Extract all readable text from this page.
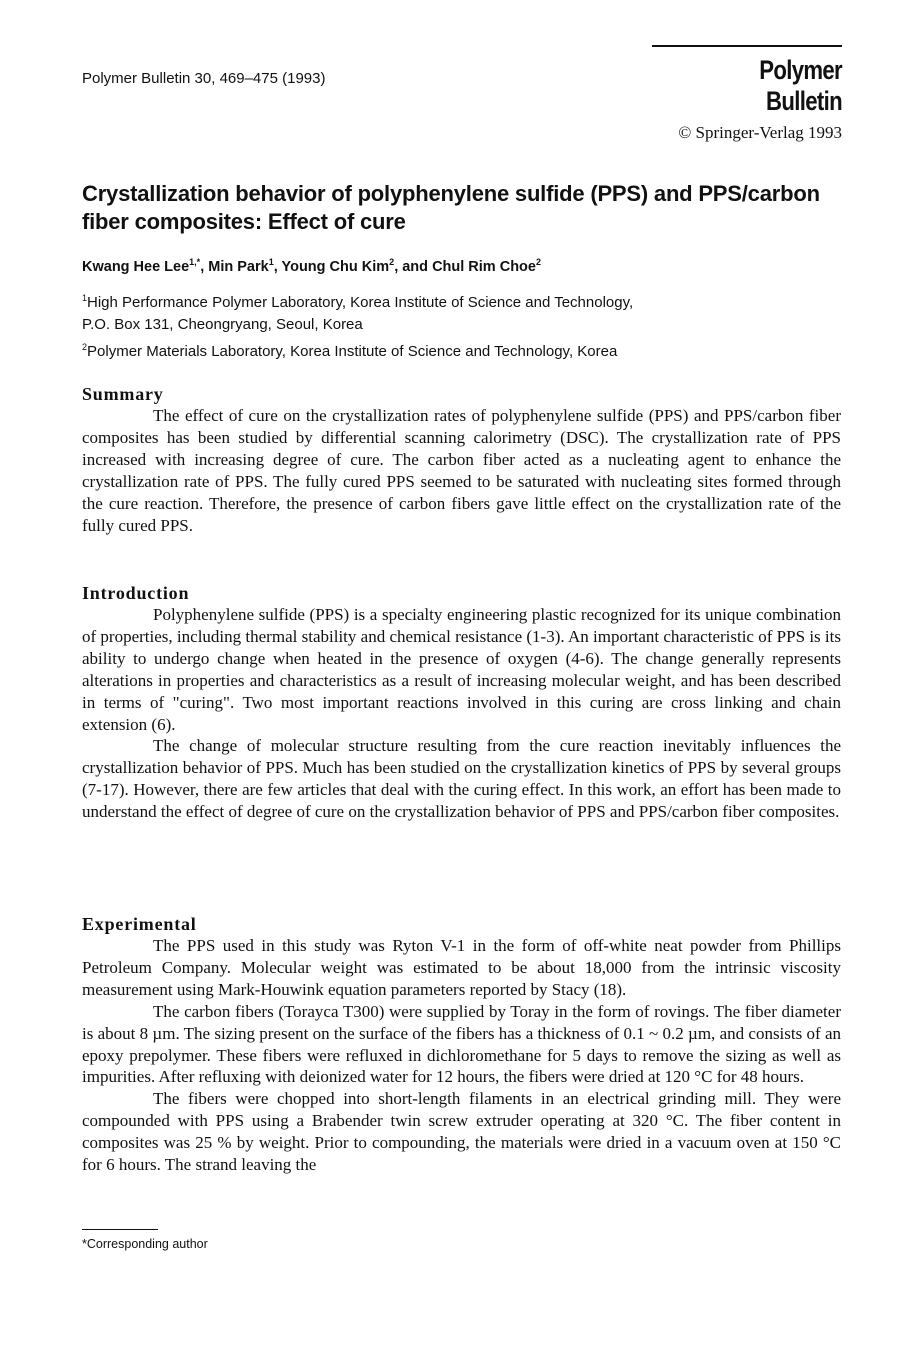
Polymer Bulletin 30, 469–475 (1993)	Polymer Bulletin
© Springer-Verlag 1993
Crystallization behavior of polyphenylene sulfide (PPS) and PPS/carbon fiber composites: Effect of cure
Kwang Hee Lee$^{1,*}$, Min Park$^1$, Young Chu Kim$^2$, and Chul Rim Choe$^2$
$^1$High Performance Polymer Laboratory, Korea Institute of Science and Technology,
P.O. Box 131, Cheongryang, Seoul, Korea
$^2$Polymer Materials Laboratory, Korea Institute of Science and Technology, Korea
Summary

The effect of cure on the crystallization rates of polyphenylene sulfide (PPS) and PPS/carbon fiber composites has been studied by differential scanning calorimetry (DSC). The crystallization rate of PPS increased with increasing degree of cure. The carbon fiber acted as a nucleating agent to enhance the crystallization rate of PPS. The fully cured PPS seemed to be saturated with nucleating sites formed through the cure reaction. Therefore, the presence of carbon fibers gave little effect on the crystallization rate of the fully cured PPS.

Introduction

Polyphenylene sulfide (PPS) is a specialty engineering plastic recognized for its unique combination of properties, including thermal stability and chemical resistance (1-3). An important characteristic of PPS is its ability to undergo change when heated in the presence of oxygen (4-6). The change generally represents alterations in properties and characteristics as a result of increasing molecular weight, and has been described in terms of "curing". Two most important reactions involved in this curing are cross linking and chain extension (6).

The change of molecular structure resulting from the cure reaction inevitably influences the crystallization behavior of PPS. Much has been studied on the crystallization kinetics of PPS by several groups (7-17). However, there are few articles that deal with the curing effect. In this work, an effort has been made to understand the effect of degree of cure on the crystallization behavior of PPS and PPS/carbon fiber composites.

Experimental

The PPS used in this study was Ryton V-1 in the form of off-white neat powder from Phillips Petroleum Company. Molecular weight was estimated to be about 18,000 from the intrinsic viscosity measurement using Mark-Houwink equation parameters reported by Stacy (18).

The carbon fibers (Torayca T300) were supplied by Toray in the form of rovings. The fiber diameter is about 8 µm. The sizing present on the surface of the fibers has a thickness of 0.1 ~ 0.2 µm, and consists of an epoxy prepolymer. These fibers were refluxed in dichloromethane for 5 days to remove the sizing as well as impurities. After refluxing with deionized water for 12 hours, the fibers were dried at 120 °C for 48 hours.

The fibers were chopped into short-length filaments in an electrical grinding mill. They were compounded with PPS using a Brabender twin screw extruder operating at 320 °C. The fiber content in composites was 25 % by weight. Prior to compounding, the materials were dried in a vacuum oven at 150 °C for 6 hours. The strand leaving the

*Corresponding author
